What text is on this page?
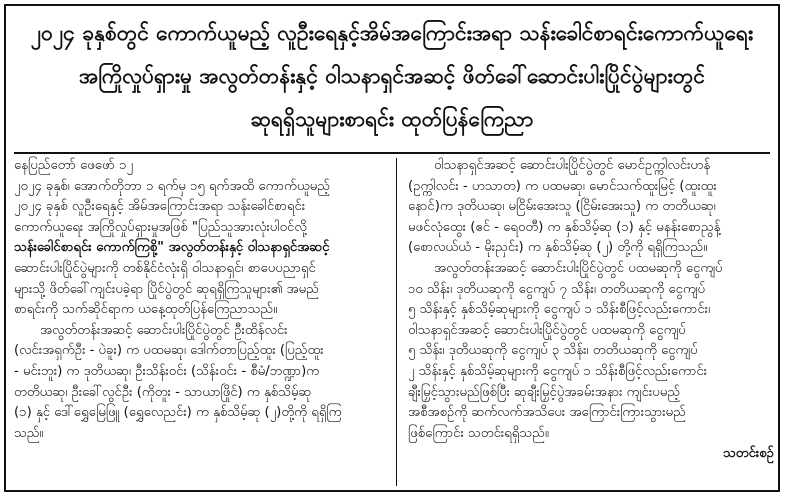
၂၀၂၄ ခုနှစ်တွင် ကောက်ယူမည့် လူဦးရေနှင့်အိမ်အကြောင်းအရာ သန်းခေါင်စာရင်းကောက်ယူရေး
အကြိုလှုပ်ရှားမှု အလွတ်တန်းနှင့် ဝါသနာရှင်အဆင့် ဖိတ်ခေါ်ဆောင်းပါးပြိုင်ပွဲများတွင်
ဆုရရှိသူများစာရင်း ထုတ်ပြန်ကြေညာ
နေပြည်တော် ဖေဖော် ၁၂
၂၀၂၄ ခုနှစ်၊ အောက်တိုဘာ ၁ ရက်မှ ၁၅ ရက်အထိ ကောက်ယူမည့်
၂၀၂၄ ခုနှစ် လူဦးရေနှင့် အိမ်အကြောင်းအရာ သန်းခေါင်စာရင်း
ကောက်ယူရေး အကြိုလှုပ်ရှားမှုအဖြစ် "ပြည်သူအားလုံးပါဝင်လို့
သန်းခေါင်စာရင်း ကောက်ကြစို့" အလွတ်တန်းနှင့် ဝါသနာရှင်အဆင့်
ဆောင်းပါးပြိုင်ပွဲများကို တစ်နိုင်ငံလုံးရှိ ဝါသနာရှင်၊ စာပေပညာရှင်
များသို့ ဖိတ်ခေါ်ကျင်းပခဲ့ရာ ပြိုင်ပွဲတွင် ဆုရရှိကြသူများ၏ အမည်
စာရင်းကို သက်ဆိုင်ရာက ယနေ့ထုတ်ပြန်ကြေညာသည်။
အလွတ်တန်းအဆင့် ဆောင်းပါးပြိုင်ပွဲတွင် ဦးထိန်လင်း
(လင်းအရှက်ဦး - ပဲခူး) က ပထမဆု၊ ဒေါက်တာပြည့်ထူး (ပြည့်ထူး
- မင်းဘူး) က ဒုတိယဆု၊ ဦးသိန်းဝင်း (သိန်းဝင်း - စီမံ/ဘဏ္ဍာ)က
တတိယဆု၊ ဦးခေါ်လွင်ဦး (ကိုတူး - သာယာဖြိုင်) က နှစ်သိမ့်ဆု
(၁) နှင့် ဒေါ်ရွှေမြေဖြူ (ရွှေလေညင်း) က နှစ်သိမ့်ဆု (၂)တို့ကို ရရှိကြ
သည်။
ဝါသနာရှင်အဆင့် ဆောင်းပါးပြိုင်ပွဲတွင် မောင်ဥက္ကါလင်းဟန်
(ဥက္ကါလင်း - ဟသာတ) က ပထမဆု၊ မောင်သက်ထူးမြင့် (ထူးထူး
နောင်)က ဒုတိယဆု၊ မငြိမ်းအေးသူ (ငြိမ်းအေးသူ) က တတိယဆု၊
မဖင်လုံထွေး (ဧင် - ရေဝတီ) က နှစ်သိမ့်ဆု (၁) နှင့် မနန်းစောညွန့်
(စောလယ်ယံ - မိုးညှင်း) က နှစ်သိမ့်ဆု (၂) တို့ကို ရရှိကြသည်။
အလွတ်တန်းအဆင့် ဆောင်းပါးပြိုင်ပွဲတွင် ပထမဆုကို ငွေကျပ်
၁၀ သိန်း၊ ဒုတိယဆုကို ငွေကျပ် ၇ သိန်း၊ တတိယဆုကို ငွေကျပ်
၅ သိန်းနှင့် နှစ်သိမ့်ဆုများကို ငွေကျပ် ၁ သိန်းစီဖြင့်လည်းကောင်း၊
ဝါသနာရှင်အဆင့် ဆောင်းပါးပြိုင်ပွဲတွင် ပထမဆုကို ငွေကျပ်
၅ သိန်း၊ ဒုတိယဆုကို ငွေကျပ် ၃ သိန်း၊ တတိယဆုကို ငွေကျပ်
၂ သိန်းနှင့် နှစ်သိမ့်ဆုများကို ငွေကျပ် ၁ သိန်းစီဖြင့်လည်းကောင်း
ချီးမြှင့်သွားမည်ဖြစ်ပြီး ဆုချီးမြှင့်ပွဲအခမ်းအနား ကျင်းပမည့်
အစီအစဉ်ကို ဆက်လက်အသိပေး အကြောင်းကြားသွားမည်
ဖြစ်ကြောင်း သတင်းရရှိသည်။
သတင်းစဉ်
